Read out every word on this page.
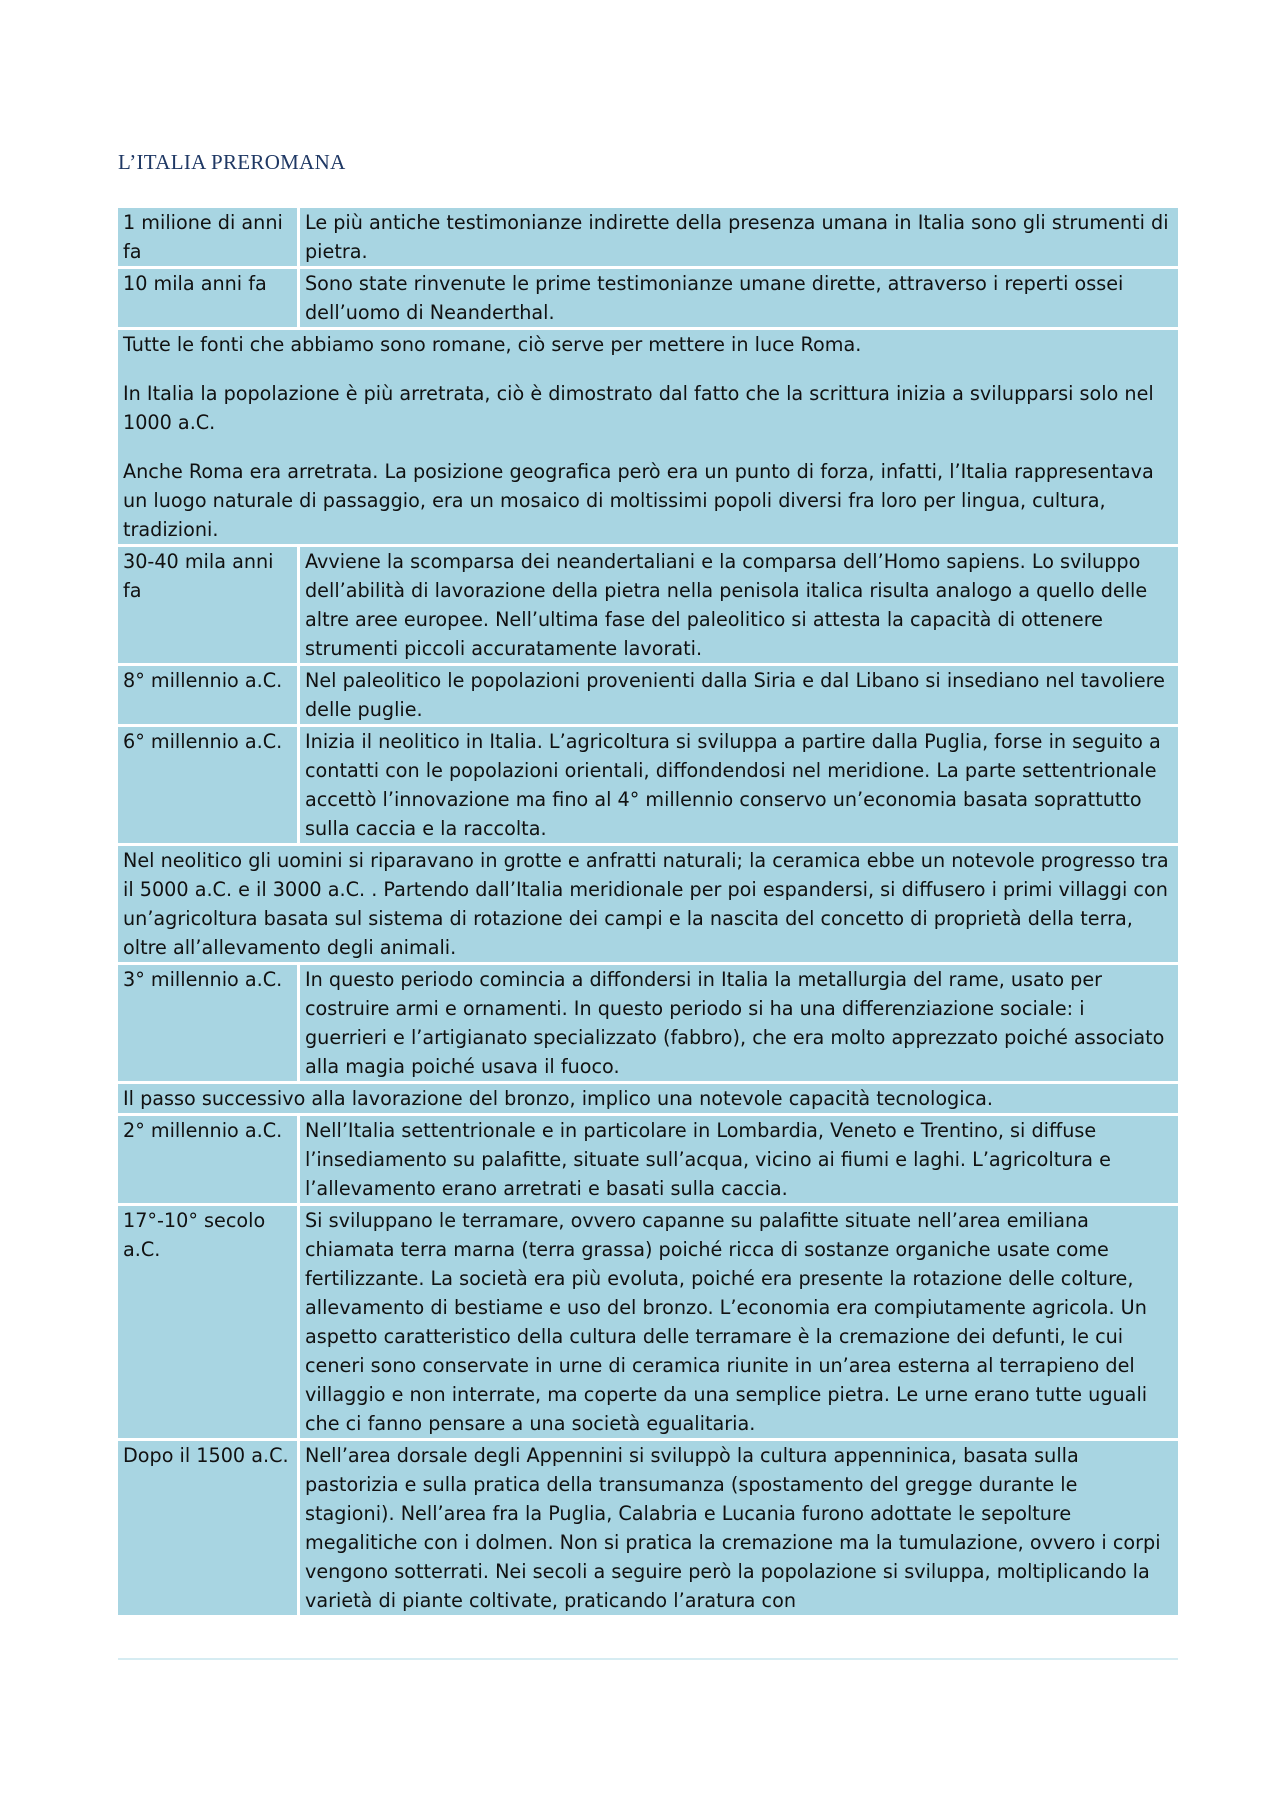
L’ITALIA PREROMANA
1 milione di anni fa	Le più antiche testimonianze indirette della presenza umana in Italia sono gli strumenti di pietra.
10 mila anni fa	Sono state rinvenute le prime testimonianze umane dirette, attraverso i reperti ossei dell’uomo di Neanderthal.

Tutte le fonti che abbiamo sono romane, ciò serve per mettere in luce Roma.

In Italia la popolazione è più arretrata, ciò è dimostrato dal fatto che la scrittura inizia a svilupparsi solo nel 1000 a.C.

Anche Roma era arretrata. La posizione geografica però era un punto di forza, infatti, l’Italia rappresentava un luogo naturale di passaggio, era un mosaico di moltissimi popoli diversi fra loro per lingua, cultura, tradizioni.	

30-40 mila anni fa	Avviene la scomparsa dei neandertaliani e la comparsa dell’Homo sapiens. Lo sviluppo dell’abilità di lavorazione della pietra nella penisola italica risulta analogo a quello delle altre aree europee. Nell’ultima fase del paleolitico si attesta la capacità di ottenere strumenti piccoli accuratamente lavorati.
8° millennio a.C.	Nel paleolitico le popolazioni provenienti dalla Siria e dal Libano si insediano nel tavoliere delle puglie.
6° millennio a.C.	Inizia il neolitico in Italia. L’agricoltura si sviluppa a partire dalla Puglia, forse in seguito a contatti con le popolazioni orientali, diffondendosi nel meridione. La parte settentrionale accettò l’innovazione ma fino al 4° millennio conservo un’economia basata soprattutto sulla caccia e la raccolta.

Nel neolitico gli uomini si riparavano in grotte e anfratti naturali; la ceramica ebbe un notevole progresso tra il 5000 a.C. e il 3000 a.C. . Partendo dall’Italia meridionale per poi espandersi, si diffusero i primi villaggi con un’agricoltura basata sul sistema di rotazione dei campi e la nascita del concetto di proprietà della terra, oltre all’allevamento degli animali.	

3° millennio a.C.	In questo periodo comincia a diffondersi in Italia la metallurgia del rame, usato per costruire armi e ornamenti. In questo periodo si ha una differenziazione sociale: i guerrieri e l’artigianato specializzato (fabbro), che era molto apprezzato poiché associato alla magia poiché usava il fuoco.

Il passo successivo alla lavorazione del bronzo, implico una notevole capacità tecnologica.	

2° millennio a.C.	Nell’Italia settentrionale e in particolare in Lombardia, Veneto e Trentino, si diffuse l’insediamento su palafitte, situate sull’acqua, vicino ai fiumi e laghi. L’agricoltura e l’allevamento erano arretrati e basati sulla caccia.
17°-10° secolo a.C.	Si sviluppano le terramare, ovvero capanne su palafitte situate nell’area emiliana chiamata terra marna (terra grassa) poiché ricca di sostanze organiche usate come fertilizzante. La società era più evoluta, poiché era presente la rotazione delle colture, allevamento di bestiame e uso del bronzo. L’economia era compiutamente agricola. Un aspetto caratteristico della cultura delle terramare è la cremazione dei defunti, le cui ceneri sono conservate in urne di ceramica riunite in un’area esterna al terrapieno del villaggio e non interrate, ma coperte da una semplice pietra. Le urne erano tutte uguali che ci fanno pensare a una società egualitaria.
Dopo il 1500 a.C.	Nell’area dorsale degli Appennini si sviluppò la cultura appenninica, basata sulla pastorizia e sulla pratica della transumanza (spostamento del gregge durante le stagioni). Nell’area fra la Puglia, Calabria e Lucania furono adottate le sepolture megalitiche con i dolmen. Non si pratica la cremazione ma la tumulazione, ovvero i corpi vengono sotterrati. Nei secoli a seguire però la popolazione si sviluppa, moltiplicando la varietà di piante coltivate, praticando l’aratura con
